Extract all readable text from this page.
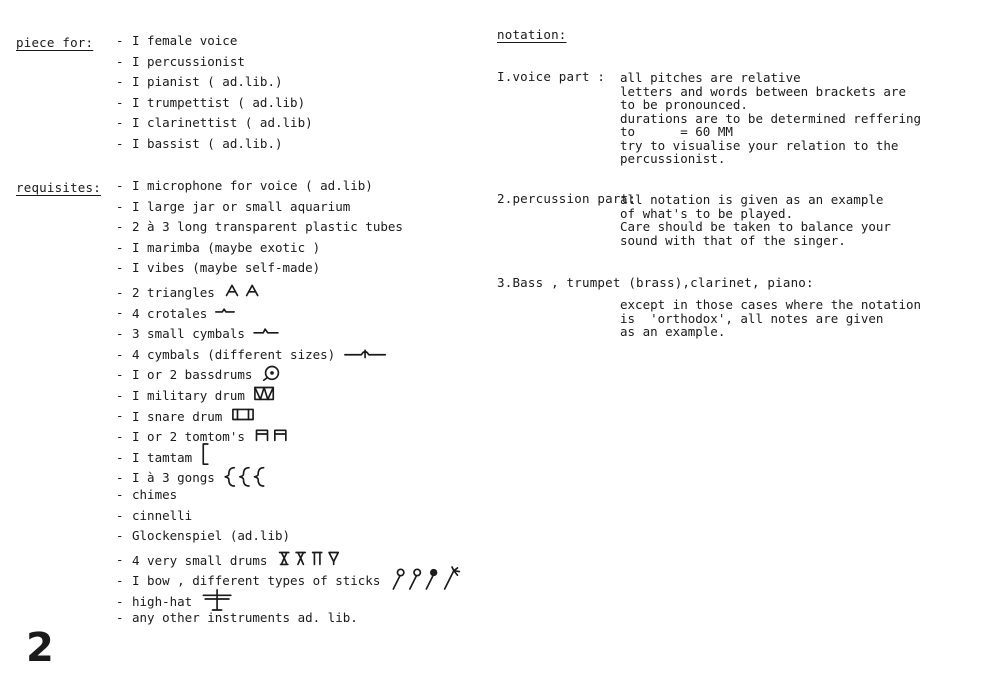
piece for: - I female voice
- I percussionist
- I pianist ( ad.lib.)
- I trumpettist ( ad.lib)
- I clarinettist ( ad.lib)
- I bassist ( ad.lib.)
requisites: - I microphone for voice ( ad.lib)
- I large jar or small aquarium
- 2 à 3 long transparent plastic tubes
- I marimba (maybe exotic )
- I vibes (maybe self-made)
- 2 triangles
- 4 crotales
- 3 small cymbals
- 4 cymbals (different sizes)
- I or 2 bassdrums
- I military drum
- I snare drum
- I or 2 tomtom's
- I tamtam
- I à 3 gongs
- chimes
- cinnelli
- Glockenspiel (ad.lib)
- 4 very small drums
- I bow , different types of sticks
- high-hat
- any other instruments ad. lib.
notation:
I.voice part : all pitches are relative
letters and words between brackets are
to be pronounced.
durations are to be determined reffering
to      = 60 MM
try to visualise your relation to the
percussionist.
2.percussion part:
all notation is given as an example
of what's to be played.
Care should be taken to balance your
sound with that of the singer.
3.Bass , trumpet (brass),clarinet, piano:
except in those cases where the notation
is  'orthodox', all notes are given
as an example.
2
